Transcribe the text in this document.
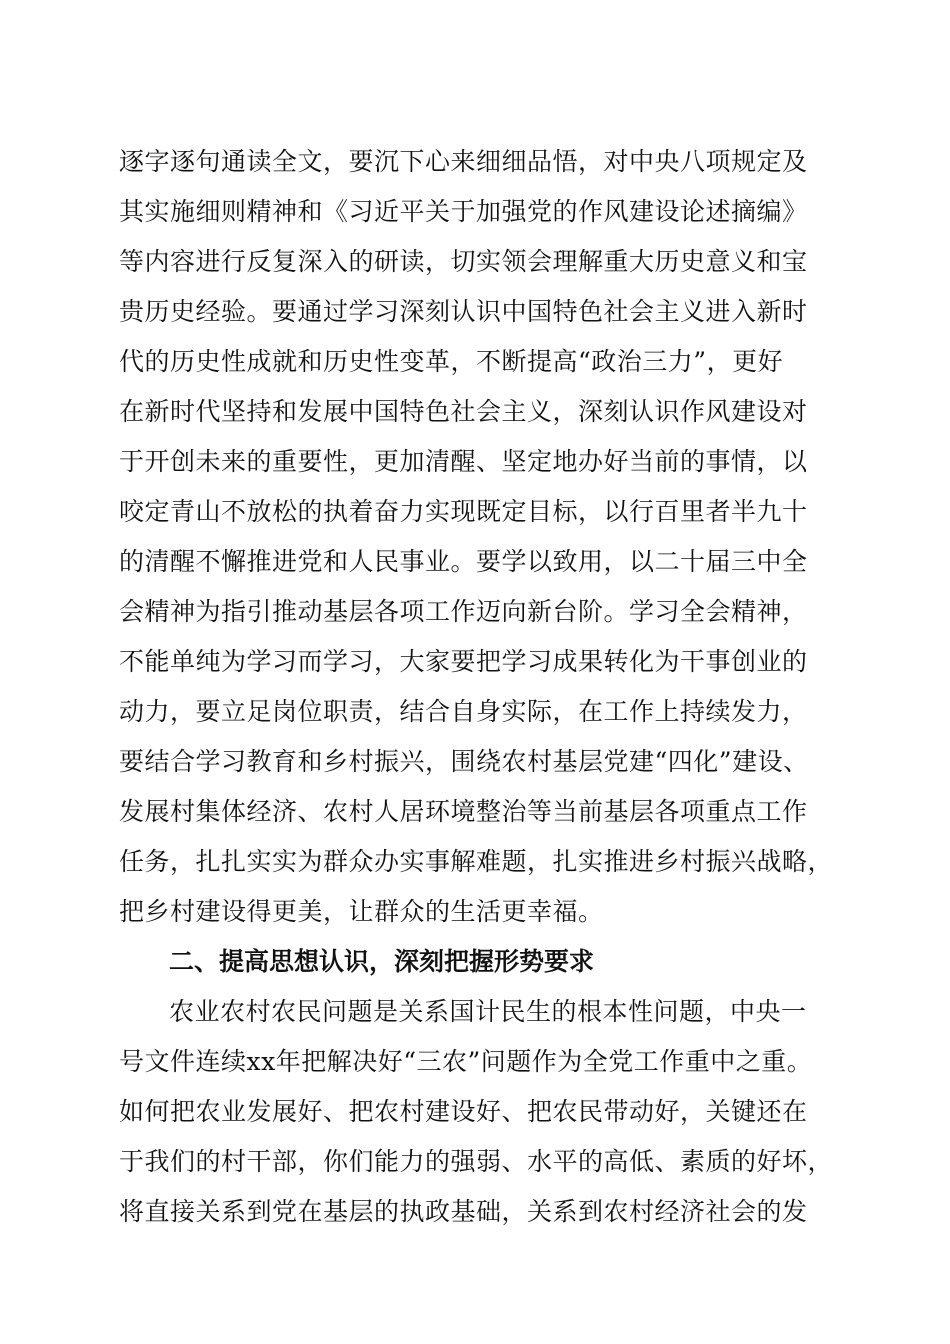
逐字逐句通读全文，要沉下心来细细品悟，对中央八项规定及
其实施细则精神和《习近平关于加强党的作风建设论述摘编》
等内容进行反复深入的研读，切实领会理解重大历史意义和宝
贵历史经验。要通过学习深刻认识中国特色社会主义进入新时
代的历史性成就和历史性变革，不断提高“政治三力”，更好
在新时代坚持和发展中国特色社会主义，深刻认识作风建设对
于开创未来的重要性，更加清醒、坚定地办好当前的事情，以
咬定青山不放松的执着奋力实现既定目标，以行百里者半九十
的清醒不懈推进党和人民事业。要学以致用，以二十届三中全
会精神为指引推动基层各项工作迈向新台阶。学习全会精神，
不能单纯为学习而学习，大家要把学习成果转化为干事创业的
动力，要立足岗位职责，结合自身实际，在工作上持续发力，
要结合学习教育和乡村振兴，围绕农村基层党建“四化”建设、
发展村集体经济、农村人居环境整治等当前基层各项重点工作
任务，扎扎实实为群众办实事解难题，扎实推进乡村振兴战略，
把乡村建设得更美，让群众的生活更幸福。
二、提高思想认识，深刻把握形势要求
农业农村农民问题是关系国计民生的根本性问题，中央一
号文件连续xx年把解决好“三农”问题作为全党工作重中之重。
如何把农业发展好、把农村建设好、把农民带动好，关键还在
于我们的村干部，你们能力的强弱、水平的高低、素质的好坏，
将直接关系到党在基层的执政基础，关系到农村经济社会的发
